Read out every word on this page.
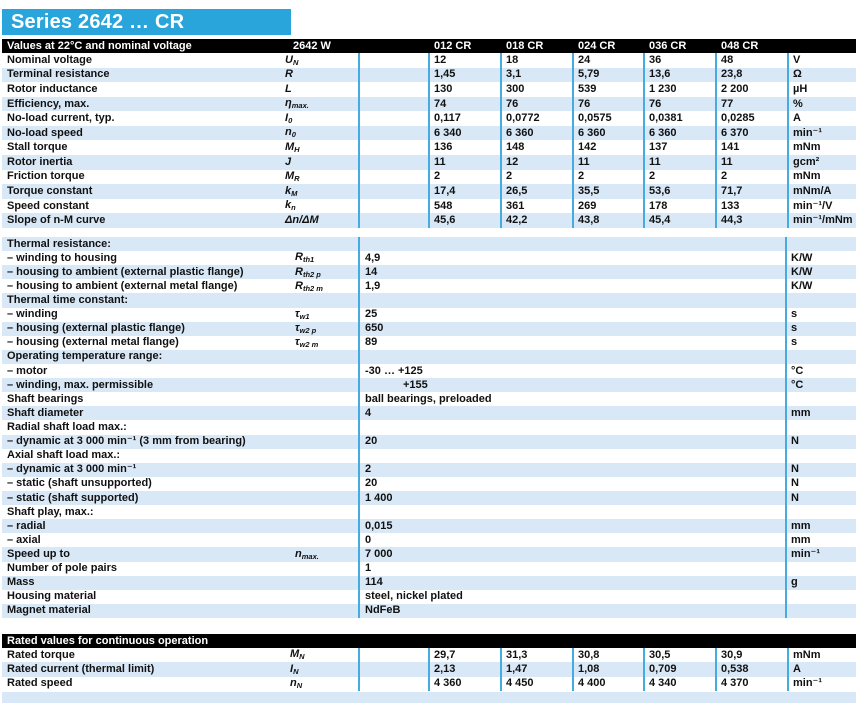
Series 2642 … CR
Values at 22°C and nominal voltage	2642 W	012 CR	018 CR	024 CR	036 CR	048 CR
Nominal voltage	$U_N$	12	18	24	36	48	V
Terminal resistance	R	1,45	3,1	5,79	13,6	23,8	Ω
Rotor inductance	L	130	300	539	1 230	2 200	µH
Efficiency, max.	$\eta_{max.}$	74	76	76	76	77	%
No-load current, typ.	$I_0$	0,117	0,0772	0,0575	0,0381	0,0285	A
No-load speed	$n_0$	6 340	6 360	6 360	6 360	6 370	min⁻¹
Stall torque	$M_H$	136	148	142	137	141	mNm
Rotor inertia	J	11	12	11	11	11	gcm²
Friction torque	$M_R$	2	2	2	2	2	mNm
Torque constant	$k_M$	17,4	26,5	35,5	53,6	71,7	mNm/A
Speed constant	$k_n$	548	361	269	178	133	min⁻¹/V
Slope of n-M curve	Δn/ΔM	45,6	42,2	43,8	45,4	44,3	min⁻¹/mNm
Thermal resistance:
– winding to housing	$R_{th1}$	4,9	K/W
– housing to ambient (external plastic flange)	$R_{th2 p}$	14	K/W
– housing to ambient (external metal flange)	$R_{th2 m}$	1,9	K/W
Thermal time constant:
– winding	$\tau_{w1}$	25	s
– housing (external plastic flange)	$\tau_{w2 p}$	650	s
– housing (external metal flange)	$\tau_{w2 m}$	89	s
Operating temperature range:
– motor	-30 … +125	°C
– winding, max. permissible	+155	°C
Shaft bearings	ball bearings, preloaded
Shaft diameter	4	mm
Radial shaft load max.:
– dynamic at 3 000 min⁻¹ (3 mm from bearing)	20	N
Axial shaft load max.:
– dynamic at 3 000 min⁻¹	2	N
– static (shaft unsupported)	20	N
– static (shaft supported)	1 400	N
Shaft play, max.:
– radial	0,015	mm
– axial	0	mm
Speed up to	$n_{max.}$	7 000	min⁻¹
Number of pole pairs	1
Mass	114	g
Housing material	steel, nickel plated
Magnet material	NdFeB
Rated values for continuous operation
Rated torque	$M_N$	29,7	31,3	30,8	30,5	30,9	mNm
Rated current (thermal limit)	$I_N$	2,13	1,47	1,08	0,709	0,538	A
Rated speed	$n_N$	4 360	4 450	4 400	4 340	4 370	min⁻¹
